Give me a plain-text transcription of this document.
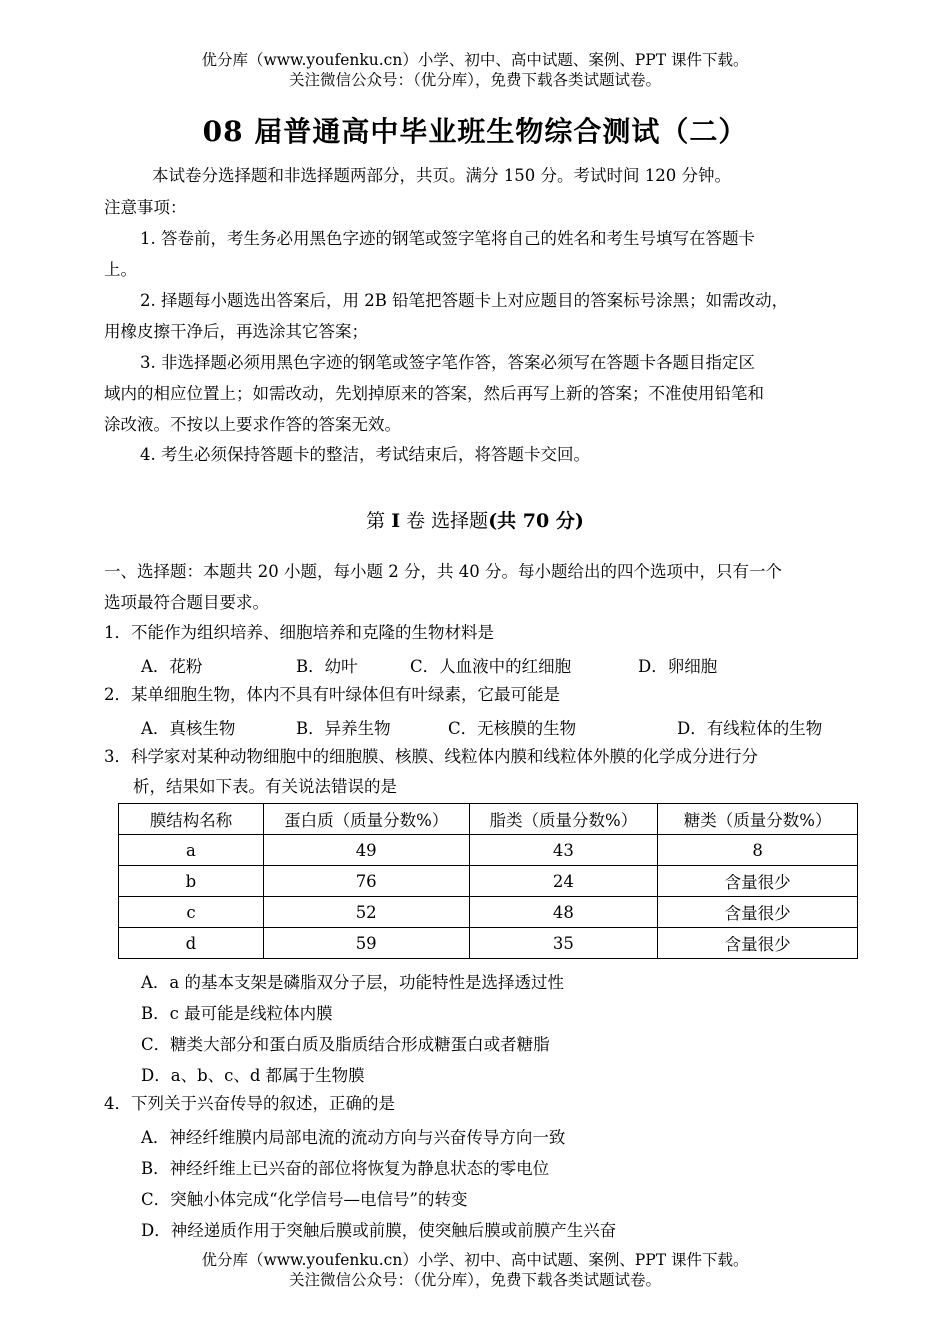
优分库（www.youfenku.cn）小学、初中、高中试题、案例、PPT 课件下载。
关注微信公众号：（优分库），免费下载各类试题试卷。
08 届普通高中毕业班生物综合测试（二）
本试卷分选择题和非选择题两部分，共页。满分 150 分。考试时间 120 分钟。
注意事项：
1. 答卷前，考生务必用黑色字迹的钢笔或签字笔将自己的姓名和考生号填写在答题卡
上。
2. 择题每小题选出答案后，用 2B 铅笔把答题卡上对应题目的答案标号涂黑；如需改动，
用橡皮擦干净后，再选涂其它答案；
3. 非选择题必须用黑色字迹的钢笔或签字笔作答，答案必须写在答题卡各题目指定区
域内的相应位置上；如需改动，先划掉原来的答案，然后再写上新的答案；不准使用铅笔和
涂改液。不按以上要求作答的答案无效。
4. 考生必须保持答题卡的整洁，考试结束后，将答题卡交回。
第 I 卷 选择题(共 70 分)
一、选择题：本题共 20 小题，每小题 2 分，共 40 分。每小题给出的四个选项中，只有一个
选项最符合题目要求。
1．不能作为组织培养、细胞培养和克隆的生物材料是
A．花粉	B．幼叶	C．人血液中的红细胞	D．卵细胞
2．某单细胞生物，体内不具有叶绿体但有叶绿素，它最可能是
A．真核生物	B．异养生物	C．无核膜的生物	D．有线粒体的生物
3．科学家对某种动物细胞中的细胞膜、核膜、线粒体内膜和线粒体外膜的化学成分进行分
析，结果如下表。有关说法错误的是
膜结构名称	蛋白质（质量分数%）	脂类（质量分数%）	糖类（质量分数%）
a	49	43	8
b	76	24	含量很少
c	52	48	含量很少
d	59	35	含量很少
A．a 的基本支架是磷脂双分子层，功能特性是选择透过性
B．c 最可能是线粒体内膜
C．糖类大部分和蛋白质及脂质结合形成糖蛋白或者糖脂
D．a、b、c、d 都属于生物膜
4．下列关于兴奋传导的叙述，正确的是
A．神经纤维膜内局部电流的流动方向与兴奋传导方向一致
B．神经纤维上已兴奋的部位将恢复为静息状态的零电位
C．突触小体完成“化学信号—电信号”的转变
D．神经递质作用于突触后膜或前膜，使突触后膜或前膜产生兴奋
优分库（www.youfenku.cn）小学、初中、高中试题、案例、PPT 课件下载。
关注微信公众号：（优分库），免费下载各类试题试卷。
